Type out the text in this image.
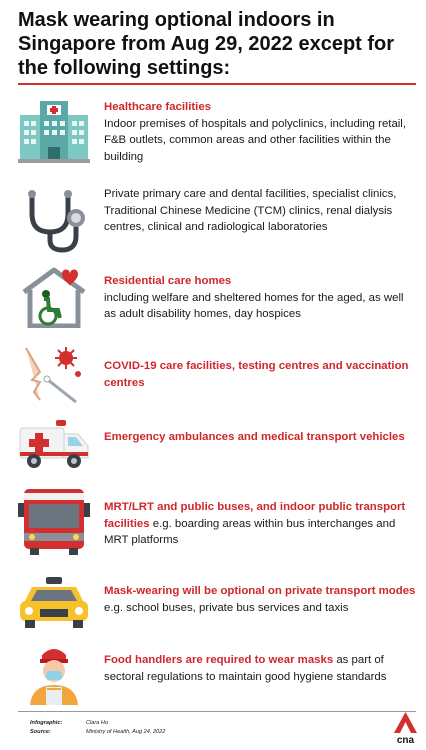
Mask wearing optional indoors in Singapore from Aug 29, 2022 except for the following settings:
Healthcare facilities
Indoor premises of hospitals and polyclinics, including retail, F&B outlets, common areas and other facilities within the building
Private primary care and dental facilities, specialist clinics, Traditional Chinese Medicine (TCM) clinics, renal dialysis centres, clinical and radiological laboratories
Residential care homes
including welfare and sheltered homes for the aged, as well as adult disability homes, day hospices
COVID-19 care facilities, testing centres and vaccination centres
Emergency ambulances and medical transport vehicles
MRT/LRT and public buses, and indoor public transport facilities e.g. boarding areas within bus interchanges and MRT platforms
Mask-wearing will be optional on private transport modes e.g. school buses, private bus services and taxis
Food handlers are required to wear masks as part of sectoral regulations to maintain good hygiene standards
Infographic:	Clara Ho
Source:	Ministry of Health, Aug 24, 2022
cna
